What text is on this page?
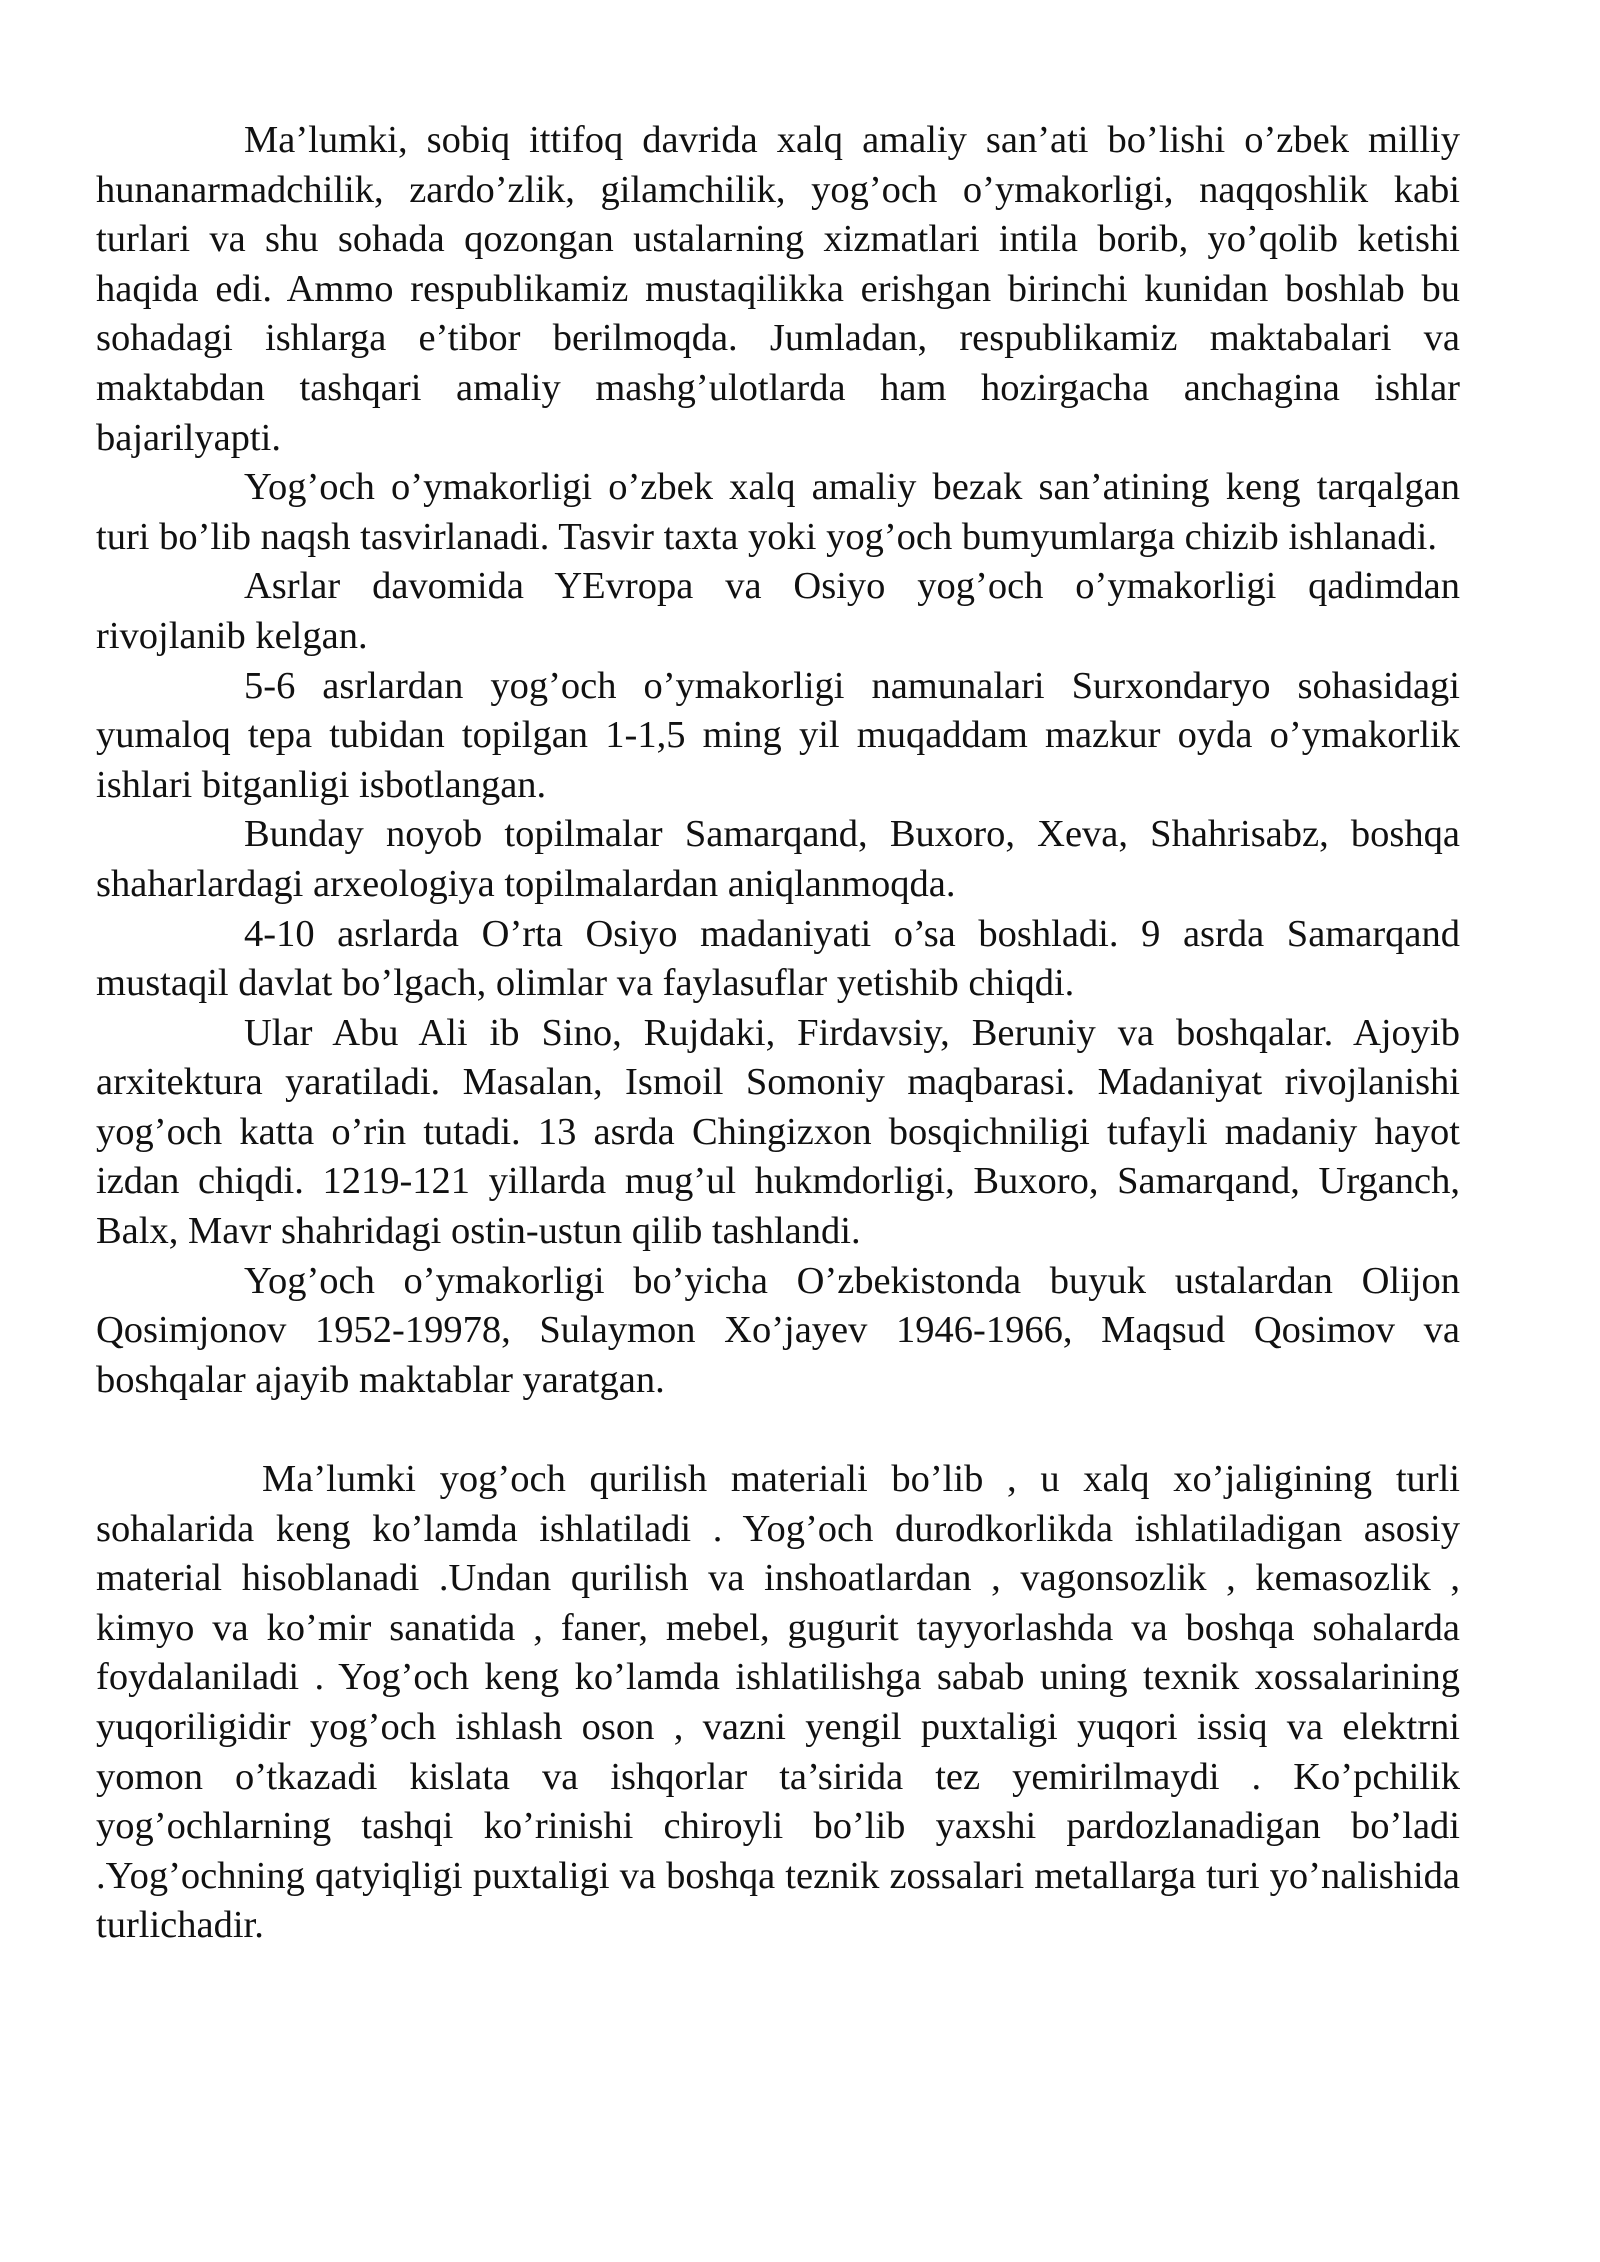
Ma’lumki, sobiq ittifoq davrida xalq amaliy san’ati bo’lishi o’zbek milliy hunanarmadchilik, zardo’zlik, gilamchilik, yog’och o’ymakorligi, naqqoshlik kabi turlari va shu sohada qozongan ustalarning xizmatlari intila borib, yo’qolib ketishi haqida edi. Ammo respublikamiz mustaqilikka erishgan birinchi kunidan boshlab bu sohadagi ishlarga e’tibor berilmoqda. Jumladan, respublikamiz maktabalari va maktabdan tashqari amaliy mashg’ulotlarda ham hozirgacha anchagina ishlar bajarilyapti.

Yog’och o’ymakorligi o’zbek xalq amaliy bezak san’atining keng tarqalgan turi bo’lib naqsh tasvirlanadi. Tasvir taxta yoki yog’och bumyumlarga chizib ishlanadi.

Asrlar davomida YEvropa va Osiyo yog’och o’ymakorligi qadimdan rivojlanib kelgan.

5-6 asrlardan yog’och o’ymakorligi namunalari Surxondaryo sohasidagi yumaloq tepa tubidan topilgan 1-1,5 ming yil muqaddam mazkur oyda o’ymakorlik ishlari bitganligi isbotlangan.

Bunday noyob topilmalar Samarqand, Buxoro, Xeva, Shahrisabz, boshqa shaharlardagi arxeologiya topilmalardan aniqlanmoqda.

4-10 asrlarda O’rta Osiyo madaniyati o’sa boshladi. 9 asrda Samarqand mustaqil davlat bo’lgach, olimlar va faylasuflar yetishib chiqdi.

Ular Abu Ali ib Sino, Rujdaki, Firdavsiy, Beruniy va boshqalar. Ajoyib arxitektura yaratiladi. Masalan, Ismoil Somoniy maqbarasi. Madaniyat rivojlanishi yog’och katta o’rin tutadi. 13 asrda Chingizxon bosqichniligi tufayli madaniy hayot izdan chiqdi. 1219-121 yillarda mug’ul hukmdorligi, Buxoro, Samarqand, Urganch, Balx, Mavr shahridagi ostin-ustun qilib tashlandi.

Yog’och o’ymakorligi bo’yicha O’zbekistonda buyuk ustalardan Olijon Qosimjonov 1952-19978, Sulaymon Xo’jayev 1946-1966, Maqsud Qosimov va boshqalar ajayib maktablar yaratgan.

Ma’lumki yog’och qurilish materiali bo’lib , u xalq xo’jaligining turli sohalarida keng ko’lamda ishlatiladi . Yog’och durodkorlikda ishlatiladigan asosiy material hisoblanadi .Undan qurilish va inshoatlardan , vagonsozlik , kemasozlik , kimyo va ko’mir sanatida , faner, mebel, gugurit tayyorlashda va boshqa sohalarda foydalaniladi . Yog’och keng ko’lamda ishlatilishga sabab uning texnik xossalarining yuqoriligidir yog’och ishlash oson , vazni yengil puxtaligi yuqori issiq va elektrni yomon o’tkazadi kislata va ishqorlar ta’sirida tez yemirilmaydi . Ko’pchilik yog’ochlarning tashqi ko’rinishi chiroyli bo’lib yaxshi pardozlanadigan bo’ladi .Yog’ochning qatyiqligi puxtaligi va boshqa teznik zossalari metallarga turi yo’nalishida turlichadir.
